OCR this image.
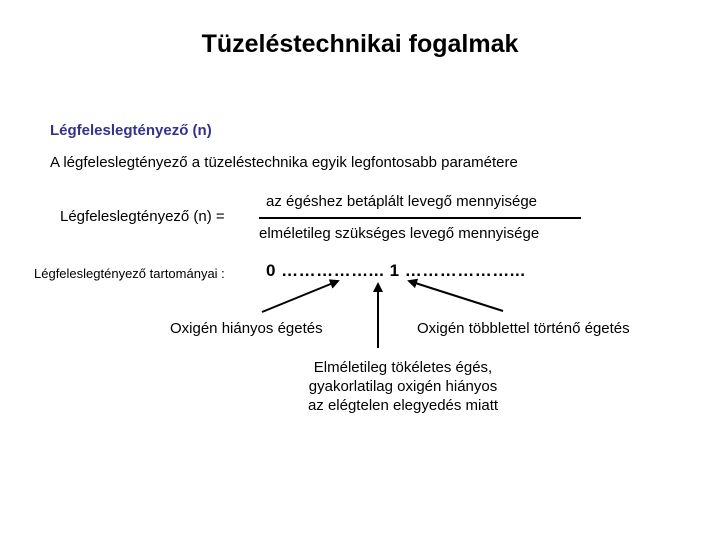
Tüzeléstechnikai fogalmak
Légfeleslegtényező (n)
A légfeleslegtényező a tüzeléstechnika egyik legfontosabb paramétere
Légfeleslegtényező (n) =
az égéshez betáplált levegő mennyisége
elméletileg szükséges levegő mennyisége
Légfeleslegtényező tartományai : 0 ……………... 1 ………………...
Oxigén hiányos égetés	Oxigén többlettel történő égetés
Elméletileg tökéletes égés,
gyakorlatilag oxigén hiányos
az elégtelen elegyedés miatt
